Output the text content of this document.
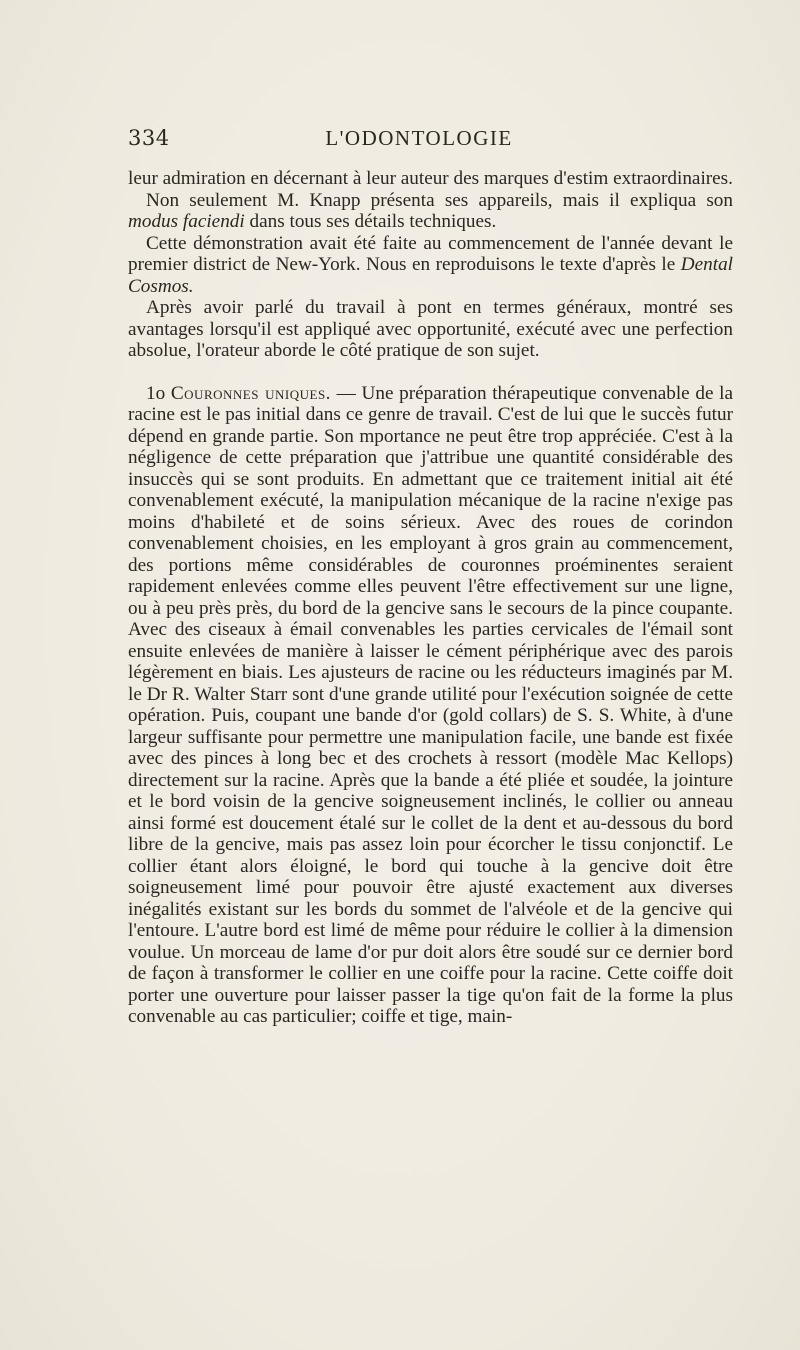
334	L'ODONTOLOGIE

leur admiration en décernant à leur auteur des marques d'estim extraordinaires.

Non seulement M. Knapp présenta ses appareils, mais il expliqua son modus faciendi dans tous ses détails techniques.

Cette démonstration avait été faite au commencement de l'année devant le premier district de New-York. Nous en reproduisons le texte d'après le Dental Cosmos.

Après avoir parlé du travail à pont en termes généraux, montré ses avantages lorsqu'il est appliqué avec opportunité, exécuté avec une perfection absolue, l'orateur aborde le côté pratique de son sujet.

1o Couronnes uniques. — Une préparation thérapeutique convenable de la racine est le pas initial dans ce genre de travail. C'est de lui que le succès futur dépend en grande partie. Son mportance ne peut être trop appréciée. C'est à la négligence de cette préparation que j'attribue une quantité considérable des insuccès qui se sont produits. En admettant que ce traitement initial ait été convenablement exécuté, la manipulation mécanique de la racine n'exige pas moins d'habileté et de soins sérieux. Avec des roues de corindon convenablement choisies, en les employant à gros grain au commencement, des portions même considérables de couronnes proéminentes seraient rapidement enlevées comme elles peuvent l'être effectivement sur une ligne, ou à peu près près, du bord de la gencive sans le secours de la pince coupante. Avec des ciseaux à émail convenables les parties cervicales de l'émail sont ensuite enlevées de manière à laisser le cément périphérique avec des parois légèrement en biais. Les ajusteurs de racine ou les réducteurs imaginés par M. le Dr R. Walter Starr sont d'une grande utilité pour l'exécution soignée de cette opération. Puis, coupant une bande d'or (gold collars) de S. S. White, à d'une largeur suffisante pour permettre une manipulation facile, une bande est fixée avec des pinces à long bec et des crochets à ressort (modèle Mac Kellops) directement sur la racine. Après que la bande a été pliée et soudée, la jointure et le bord voisin de la gencive soigneusement inclinés, le collier ou anneau ainsi formé est doucement étalé sur le collet de la dent et au-dessous du bord libre de la gencive, mais pas assez loin pour écorcher le tissu conjonctif. Le collier étant alors éloigné, le bord qui touche à la gencive doit être soigneusement limé pour pouvoir être ajusté exactement aux diverses inégalités existant sur les bords du sommet de l'alvéole et de la gencive qui l'entoure. L'autre bord est limé de même pour réduire le collier à la dimension voulue. Un morceau de lame d'or pur doit alors être soudé sur ce dernier bord de façon à transformer le collier en une coiffe pour la racine. Cette coiffe doit porter une ouverture pour laisser passer la tige qu'on fait de la forme la plus convenable au cas particulier; coiffe et tige, main-
